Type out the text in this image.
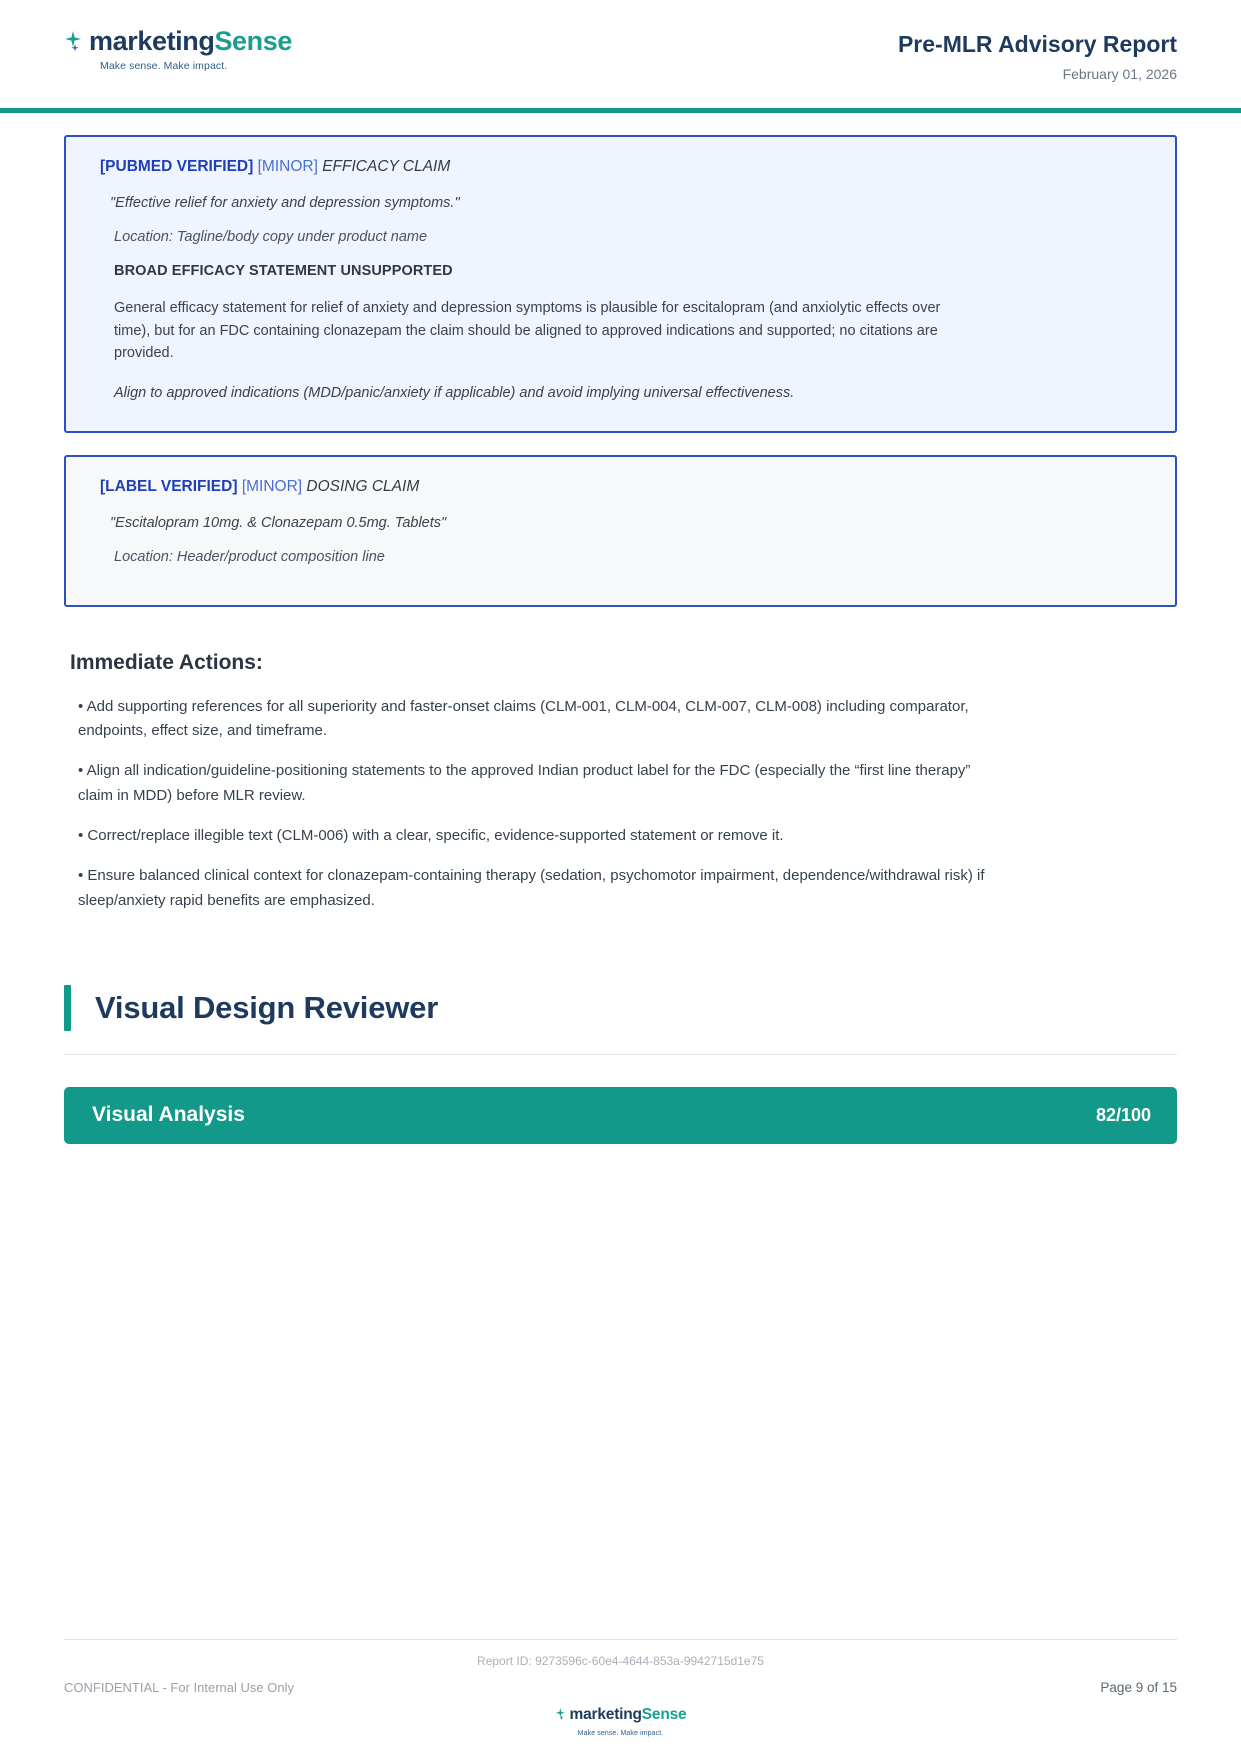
marketingSense
Make sense. Make impact.
Pre-MLR Advisory Report
February 01, 2026
[PUBMED VERIFIED] [MINOR] EFFICACY CLAIM
"Effective relief for anxiety and depression symptoms."
Location: Tagline/body copy under product name
BROAD EFFICACY STATEMENT UNSUPPORTED
General efficacy statement for relief of anxiety and depression symptoms is plausible for escitalopram (and anxiolytic effects over time), but for an FDC containing clonazepam the claim should be aligned to approved indications and supported; no citations are provided.
Align to approved indications (MDD/panic/anxiety if applicable) and avoid implying universal effectiveness.
[LABEL VERIFIED] [MINOR] DOSING CLAIM
"Escitalopram 10mg. & Clonazepam 0.5mg. Tablets"
Location: Header/product composition line
Immediate Actions:
• Add supporting references for all superiority and faster-onset claims (CLM-001, CLM-004, CLM-007, CLM-008) including comparator, endpoints, effect size, and timeframe.
• Align all indication/guideline-positioning statements to the approved Indian product label for the FDC (especially the “first line therapy” claim in MDD) before MLR review.
• Correct/replace illegible text (CLM-006) with a clear, specific, evidence-supported statement or remove it.
• Ensure balanced clinical context for clonazepam-containing therapy (sedation, psychomotor impairment, dependence/withdrawal risk) if sleep/anxiety rapid benefits are emphasized.
Visual Design Reviewer
Visual Analysis	82/100
Report ID: 9273596c-60e4-4644-853a-9942715d1e75
CONFIDENTIAL - For Internal Use Only	Page 9 of 15
marketingSense
Make sense. Make impact.
